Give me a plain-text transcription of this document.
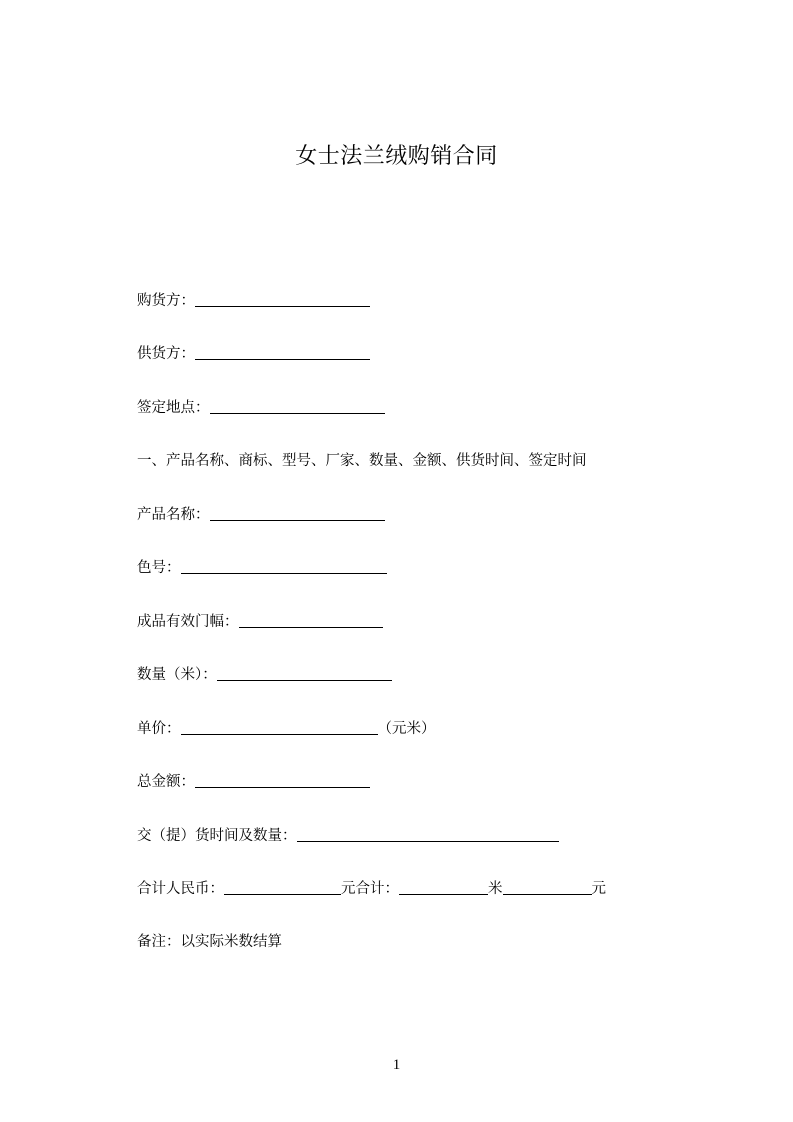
女士法兰绒购销合同
购货方：
供货方：
签定地点：
一、产品名称、商标、型号、厂家、数量、金额、供货时间、签定时间
产品名称：
色号：
成品有效门幅：
数量（米）：
单价：	（元米）
总金额：
交（提）货时间及数量：
合计人民币：	元合计：	米	元
备注：以实际米数结算
1
